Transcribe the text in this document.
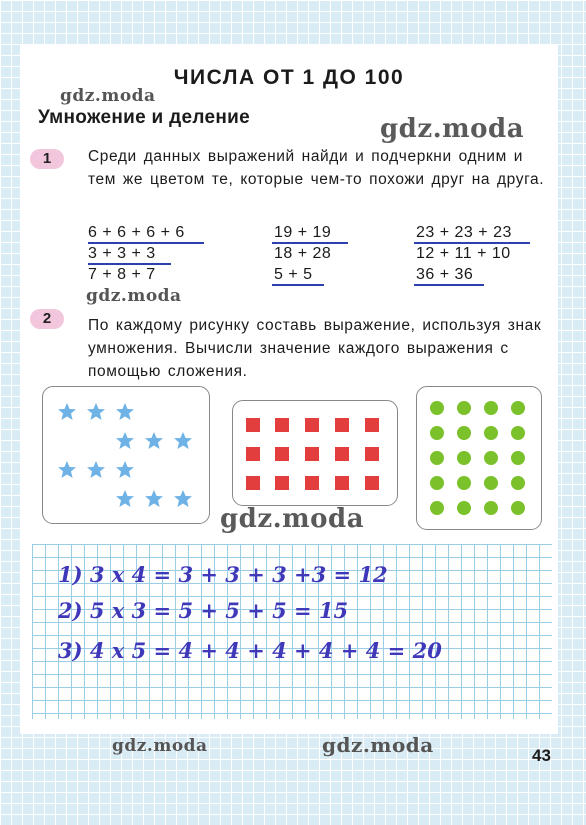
ЧИСЛА ОТ 1 ДО 100
gdz.moda
Умножение и деление	gdz.moda
1	Среди данных выражений найди и подчеркни одним и тем же цветом те, которые чем-то похожи друг на друга.
6 + 6 + 6 + 6
3 + 3 + 3
7 + 8 + 7
19 + 19
18 + 28
5 + 5
23 + 23 + 23
12 + 11 + 10
36 + 36
gdz.moda
2	По каждому рисунку составь выражение, используя знак умножения. Вычисли значение каждого выражения с помощью сложения.
gdz.moda
1) 3 х 4 = 3 + 3 + 3 +3 = 12
2) 5 х 3 = 5 + 5 + 5 = 15
3) 4 х 5 = 4 + 4 + 4 + 4 + 4 = 20
gdz.moda	gdz.moda	43
